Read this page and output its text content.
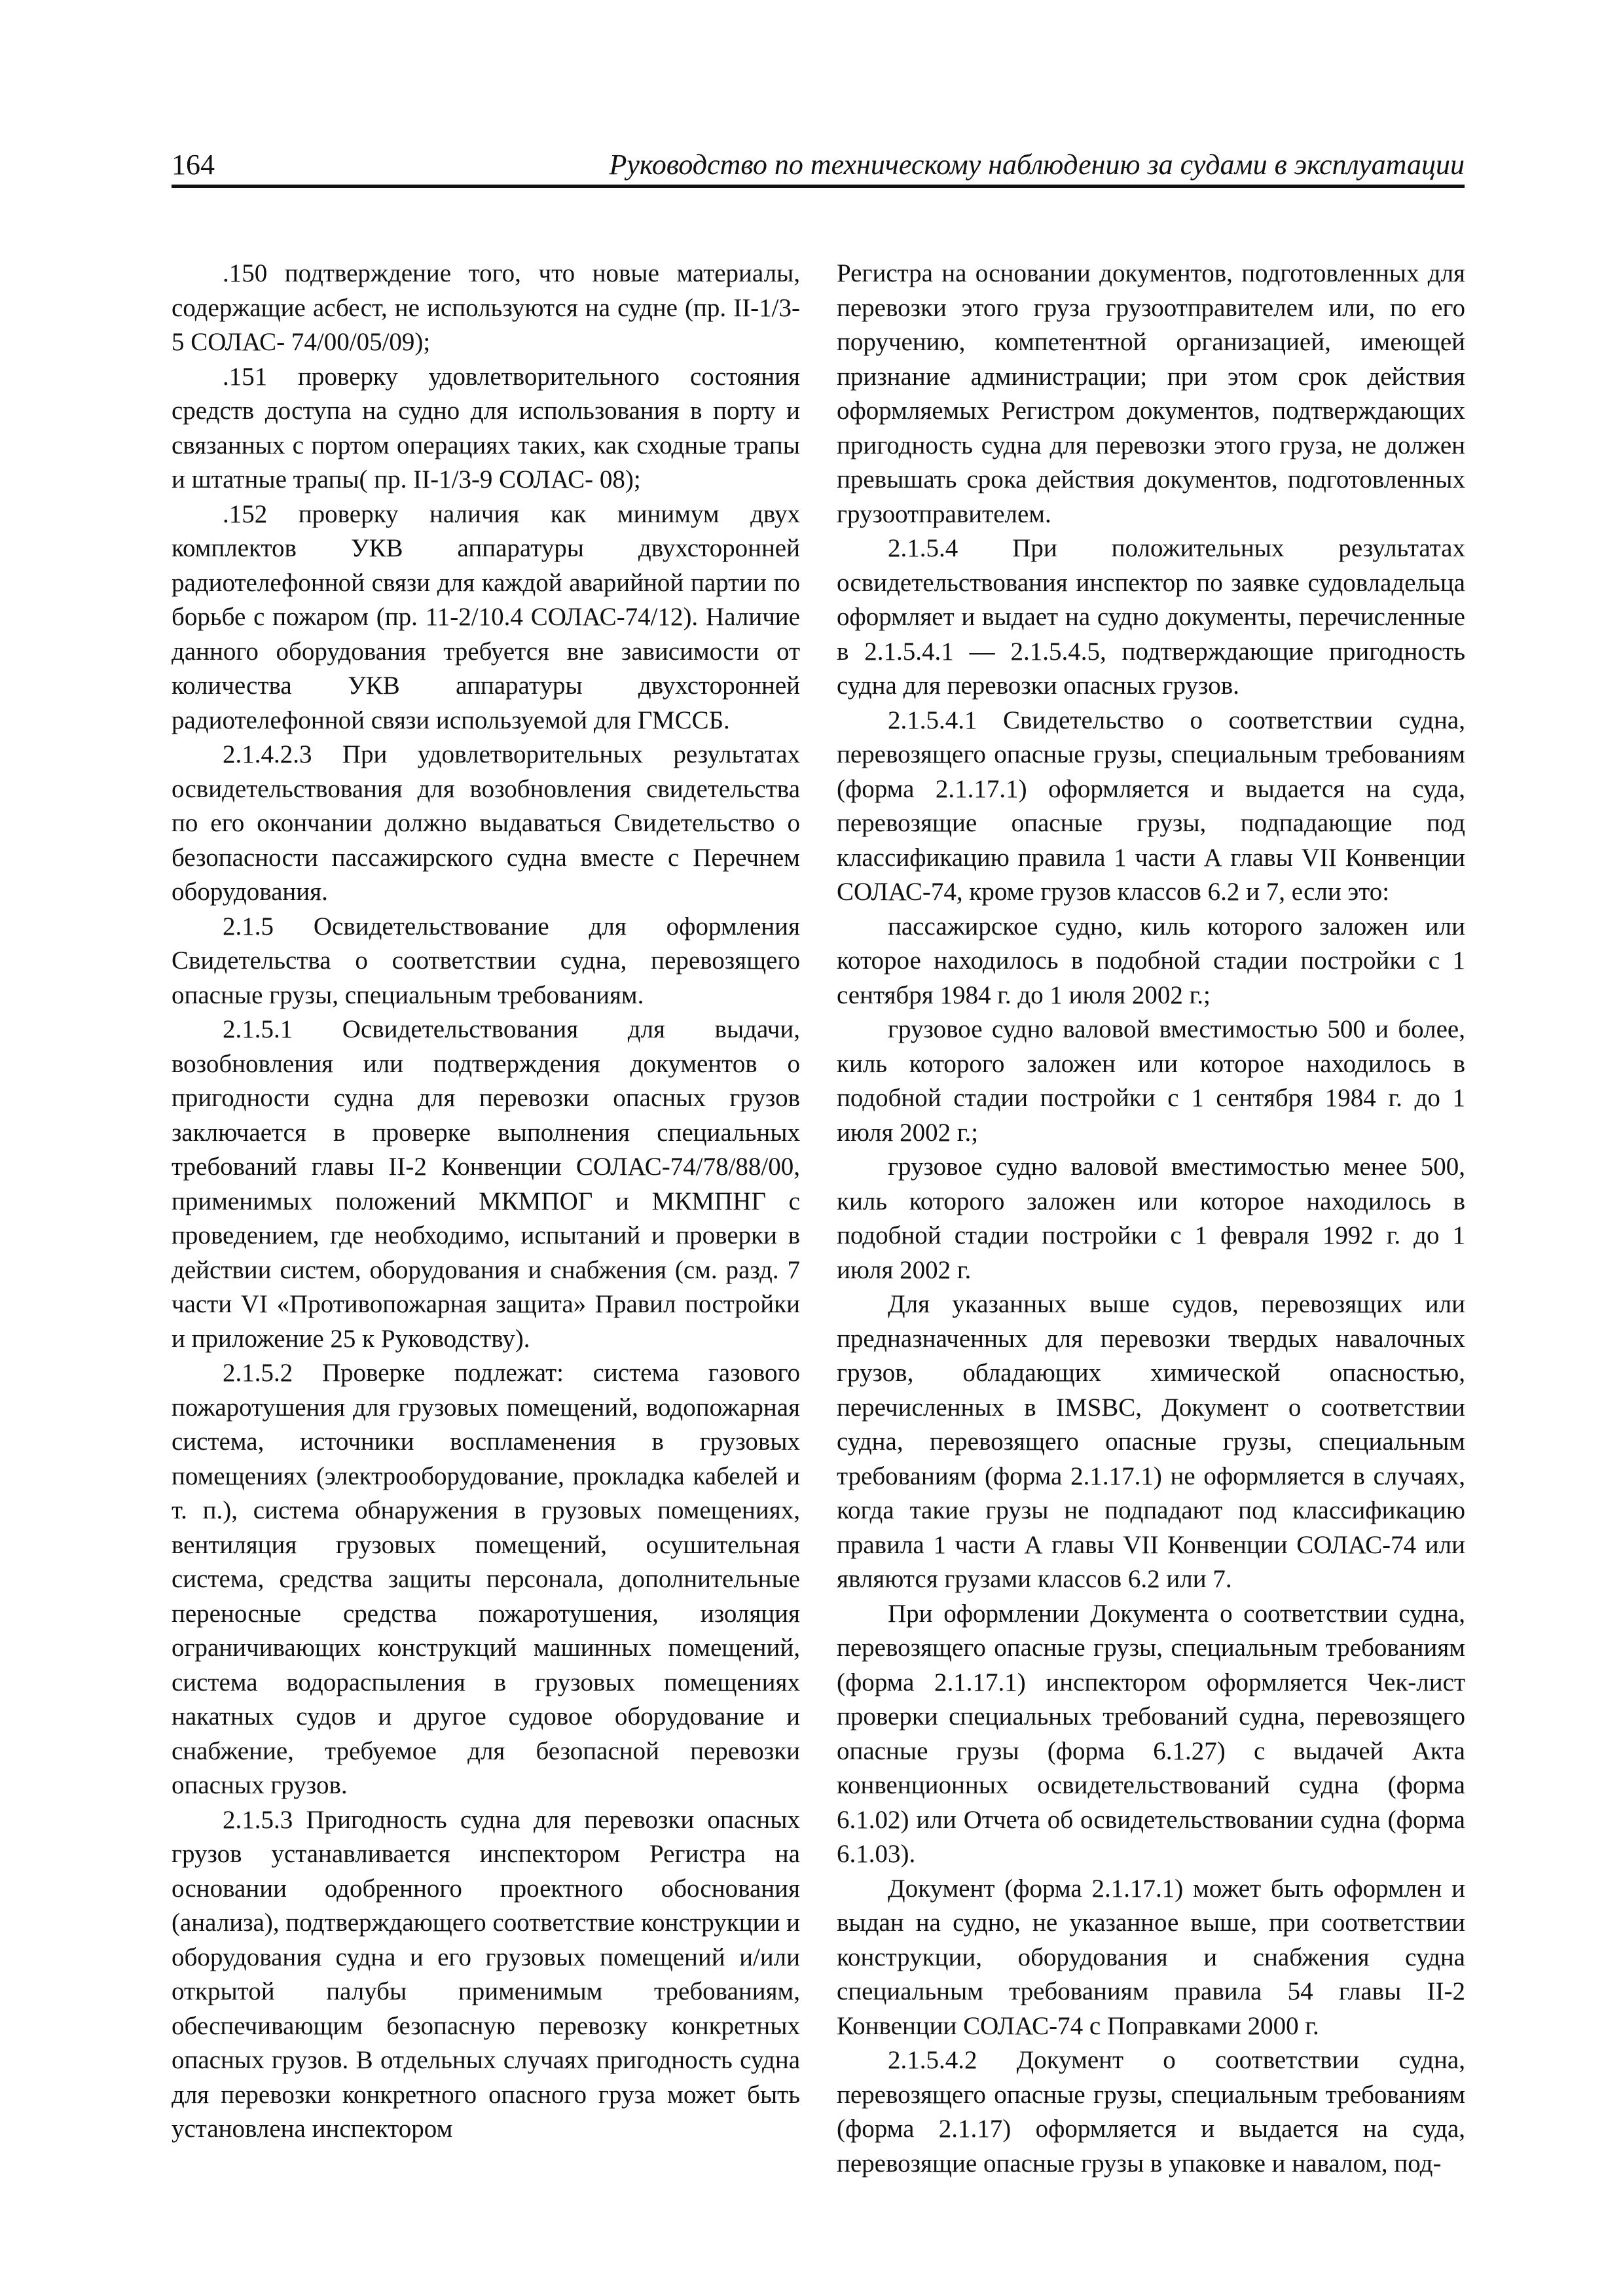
164	Руководство по техническому наблюдению за судами в эксплуатации

.150 подтверждение того, что новые материалы, содержащие асбест, не используются на судне (пр. II-1/3-5 СОЛАС- 74/00/05/09);

.151 проверку удовлетворительного состояния средств доступа на судно для использования в порту и связанных с портом операциях таких, как сходные трапы и штатные трапы( пр. II-1/3-9 СОЛАС- 08);

.152 проверку наличия как минимум двух комплектов УКВ аппаратуры двухсторонней радиотелефонной связи для каждой аварийной партии по борьбе с пожаром (пр. 11-2/10.4 СОЛАС-74/12). Наличие данного оборудования требуется вне зависимости от количества УКВ аппаратуры двухсторонней радиотелефонной связи используемой для ГМССБ.

2.1.4.2.3 При удовлетворительных результатах освидетельствования для возобновления свидетельства по его окончании должно выдаваться Свидетельство о безопасности пассажирского судна вместе с Перечнем оборудования.

2.1.5 Освидетельствование для оформления Свидетельства о соответствии судна, перевозящего опасные грузы, специальным требованиям.

2.1.5.1 Освидетельствования для выдачи, возобновления или подтверждения документов о пригодности судна для перевозки опасных грузов заключается в проверке выполнения специальных требований главы II-2 Конвенции СОЛАС-74/78/88/00, применимых положений МКМПОГ и МКМПНГ с проведением, где необходимо, испытаний и проверки в действии систем, оборудования и снабжения (см. разд. 7 части VI «Противопожарная защита» Правил постройки и приложение 25 к Руководству).

2.1.5.2 Проверке подлежат: система газового пожаротушения для грузовых помещений, водопожарная система, источники воспламенения в грузовых помещениях (электрооборудование, прокладка кабелей и т. п.), система обнаружения в грузовых помещениях, вентиляция грузовых помещений, осушительная система, средства защиты персонала, дополнительные переносные средства пожаротушения, изоляция ограничивающих конструкций машинных помещений, система водораспыления в грузовых помещениях накатных судов и другое судовое оборудование и снабжение, требуемое для безопасной перевозки опасных грузов.

2.1.5.3 Пригодность судна для перевозки опасных грузов устанавливается инспектором Регистра на основании одобренного проектного обоснования (анализа), подтверждающего соответствие конструкции и оборудования судна и его грузовых помещений и/или открытой палубы применимым требованиям, обеспечивающим безопасную перевозку конкретных опасных грузов. В отдельных случаях пригодность судна для перевозки конкретного опасного груза может быть установлена инспектором

Регистра на основании документов, подготовленных для перевозки этого груза грузоотправителем или, по его поручению, компетентной организацией, имеющей признание администрации; при этом срок действия оформляемых Регистром документов, подтверждающих пригодность судна для перевозки этого груза, не должен превышать срока действия документов, подготовленных грузоотправителем.

2.1.5.4 При положительных результатах освидетельствования инспектор по заявке судовладельца оформляет и выдает на судно документы, перечисленные в 2.1.5.4.1 — 2.1.5.4.5, подтверждающие пригодность судна для перевозки опасных грузов.

2.1.5.4.1 Свидетельство о соответствии судна, перевозящего опасные грузы, специальным требованиям (форма 2.1.17.1) оформляется и выдается на суда, перевозящие опасные грузы, подпадающие под классификацию правила 1 части А главы VII Конвенции СОЛАС-74, кроме грузов классов 6.2 и 7, если это:

пассажирское судно, киль которого заложен или которое находилось в подобной стадии постройки с 1 сентября 1984 г. до 1 июля 2002 г.;

грузовое судно валовой вместимостью 500 и более, киль которого заложен или которое находилось в подобной стадии постройки с 1 сентября 1984 г. до 1 июля 2002 г.;

грузовое судно валовой вместимостью менее 500, киль которого заложен или которое находилось в подобной стадии постройки с 1 февраля 1992 г. до 1 июля 2002 г.

Для указанных выше судов, перевозящих или предназначенных для перевозки твердых навалочных грузов, обладающих химической опасностью, перечисленных в IMSBC, Документ о соответствии судна, перевозящего опасные грузы, специальным требованиям (форма 2.1.17.1) не оформляется в случаях, когда такие грузы не подпадают под классификацию правила 1 части А главы VII Конвенции СОЛАС-74 или являются грузами классов 6.2 или 7.

При оформлении Документа о соответствии судна, перевозящего опасные грузы, специальным требованиям (форма 2.1.17.1) инспектором оформляется Чек-лист проверки специальных требований судна, перевозящего опасные грузы (форма 6.1.27) с выдачей Акта конвенционных освидетельствований судна (форма 6.1.02) или Отчета об освидетельствовании судна (форма 6.1.03).

Документ (форма 2.1.17.1) может быть оформлен и выдан на судно, не указанное выше, при соответствии конструкции, оборудования и снабжения судна специальным требованиям правила 54 главы II-2 Конвенции СОЛАС-74 с Поправками 2000 г.

2.1.5.4.2 Документ о соответствии судна, перевозящего опасные грузы, специальным требованиям (форма 2.1.17) оформляется и выдается на суда, перевозящие опасные грузы в упаковке и навалом, под-
